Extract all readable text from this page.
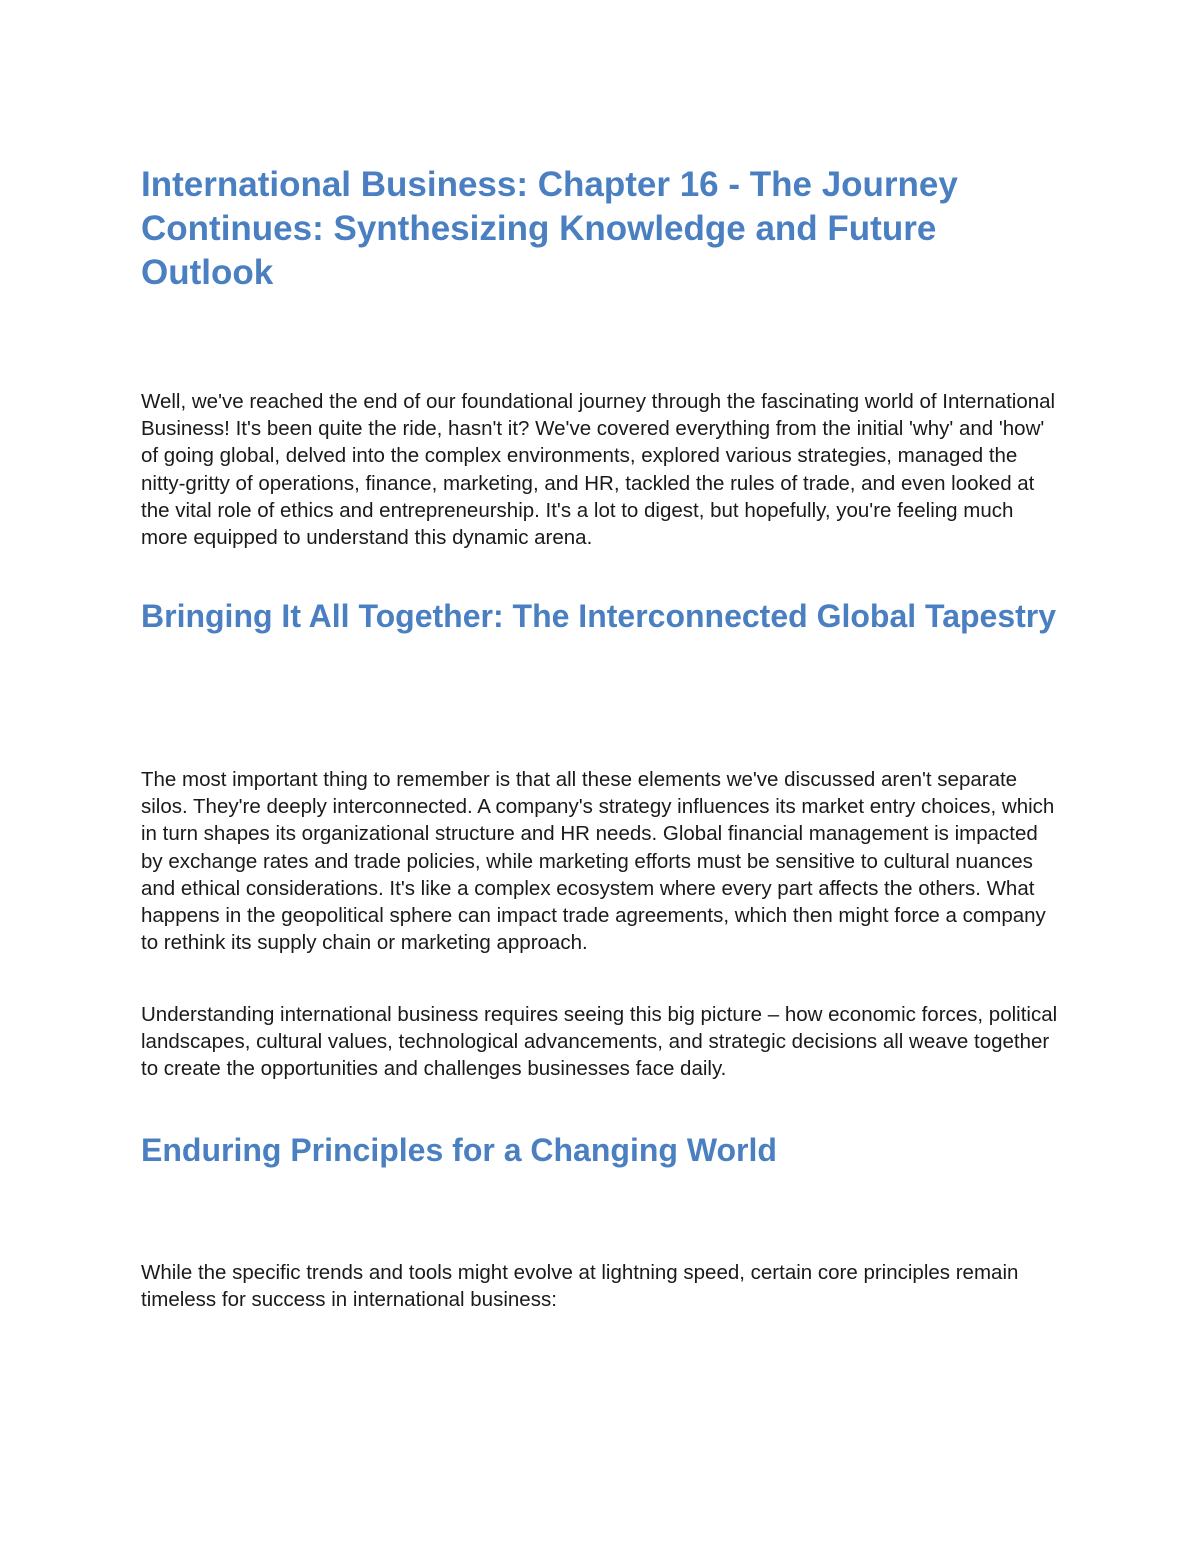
International Business: Chapter 16 - The Journey Continues: Synthesizing Knowledge and Future Outlook

Well, we've reached the end of our foundational journey through the fascinating world of International Business! It's been quite the ride, hasn't it? We've covered everything from the initial 'why' and 'how' of going global, delved into the complex environments, explored various strategies, managed the nitty-gritty of operations, finance, marketing, and HR, tackled the rules of trade, and even looked at the vital role of ethics and entrepreneurship. It's a lot to digest, but hopefully, you're feeling much more equipped to understand this dynamic arena.

Bringing It All Together: The Interconnected Global Tapestry

The most important thing to remember is that all these elements we've discussed aren't separate silos. They're deeply interconnected. A company's strategy influences its market entry choices, which in turn shapes its organizational structure and HR needs. Global financial management is impacted by exchange rates and trade policies, while marketing efforts must be sensitive to cultural nuances and ethical considerations. It's like a complex ecosystem where every part affects the others. What happens in the geopolitical sphere can impact trade agreements, which then might force a company to rethink its supply chain or marketing approach.

Understanding international business requires seeing this big picture – how economic forces, political landscapes, cultural values, technological advancements, and strategic decisions all weave together to create the opportunities and challenges businesses face daily.

Enduring Principles for a Changing World

While the specific trends and tools might evolve at lightning speed, certain core principles remain timeless for success in international business:
